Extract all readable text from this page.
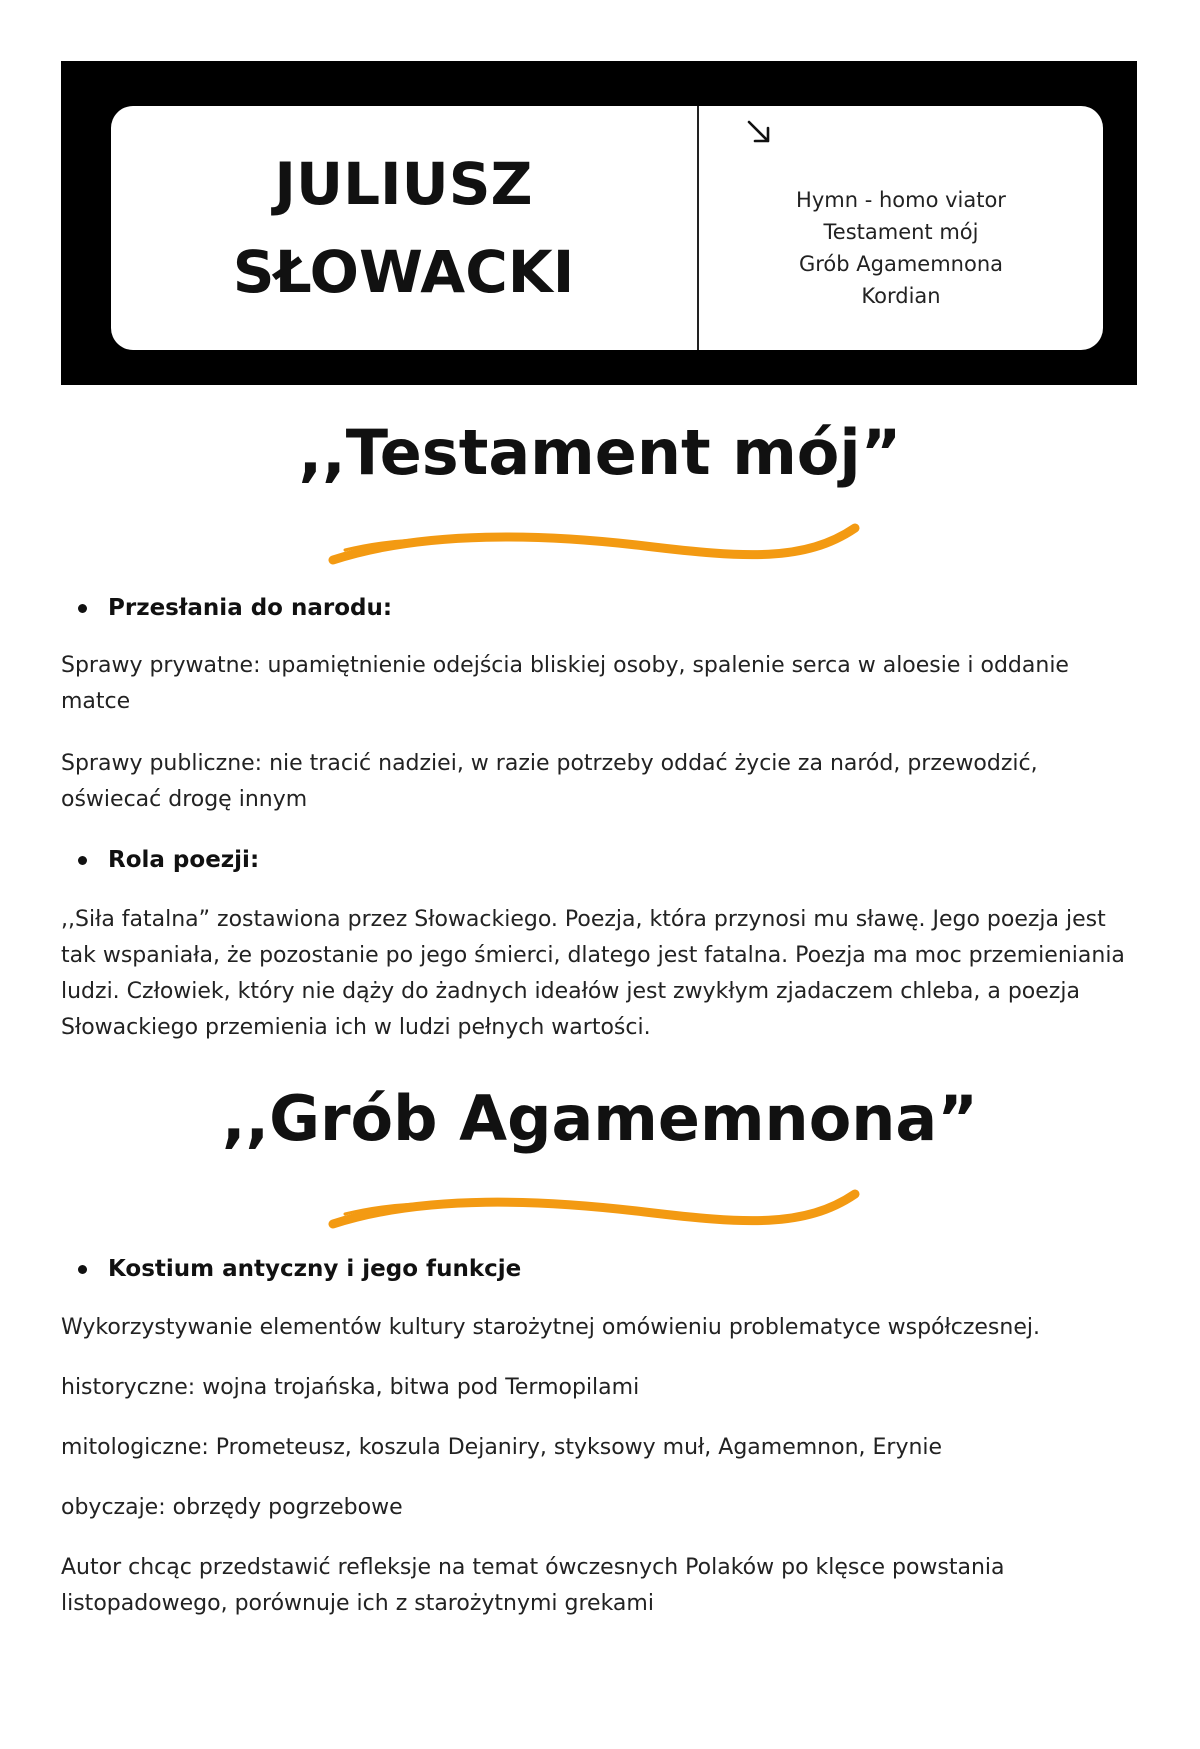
JULIUSZ
SŁOWACKI
Hymn - homo viator
Testament mój
Grób Agamemnona
Kordian
,,Testament mój”
Przesłania do narodu:
Sprawy prywatne: upamiętnienie odejścia bliskiej osoby, spalenie serca w aloesie i oddanie matce
Sprawy publiczne: nie tracić nadziei, w razie potrzeby oddać życie za naród, przewodzić, oświecać drogę innym
Rola poezji:
,,Siła fatalna” zostawiona przez Słowackiego. Poezja, która przynosi mu sławę. Jego poezja jest tak wspaniała, że pozostanie po jego śmierci, dlatego jest fatalna. Poezja ma moc przemieniania ludzi. Człowiek, który nie dąży do żadnych ideałów jest zwykłym zjadaczem chleba, a poezja Słowackiego przemienia ich w ludzi pełnych wartości.
,,Grób Agamemnona”
Kostium antyczny i jego funkcje
Wykorzystywanie elementów kultury starożytnej omówieniu problematyce współczesnej.
historyczne: wojna trojańska, bitwa pod Termopilami
mitologiczne: Prometeusz, koszula Dejaniry, styksowy muł, Agamemnon, Erynie
obyczaje: obrzędy pogrzebowe
Autor chcąc przedstawić refleksje na temat ówczesnych Polaków po klęsce powstania listopadowego, porównuje ich z starożytnymi grekami
